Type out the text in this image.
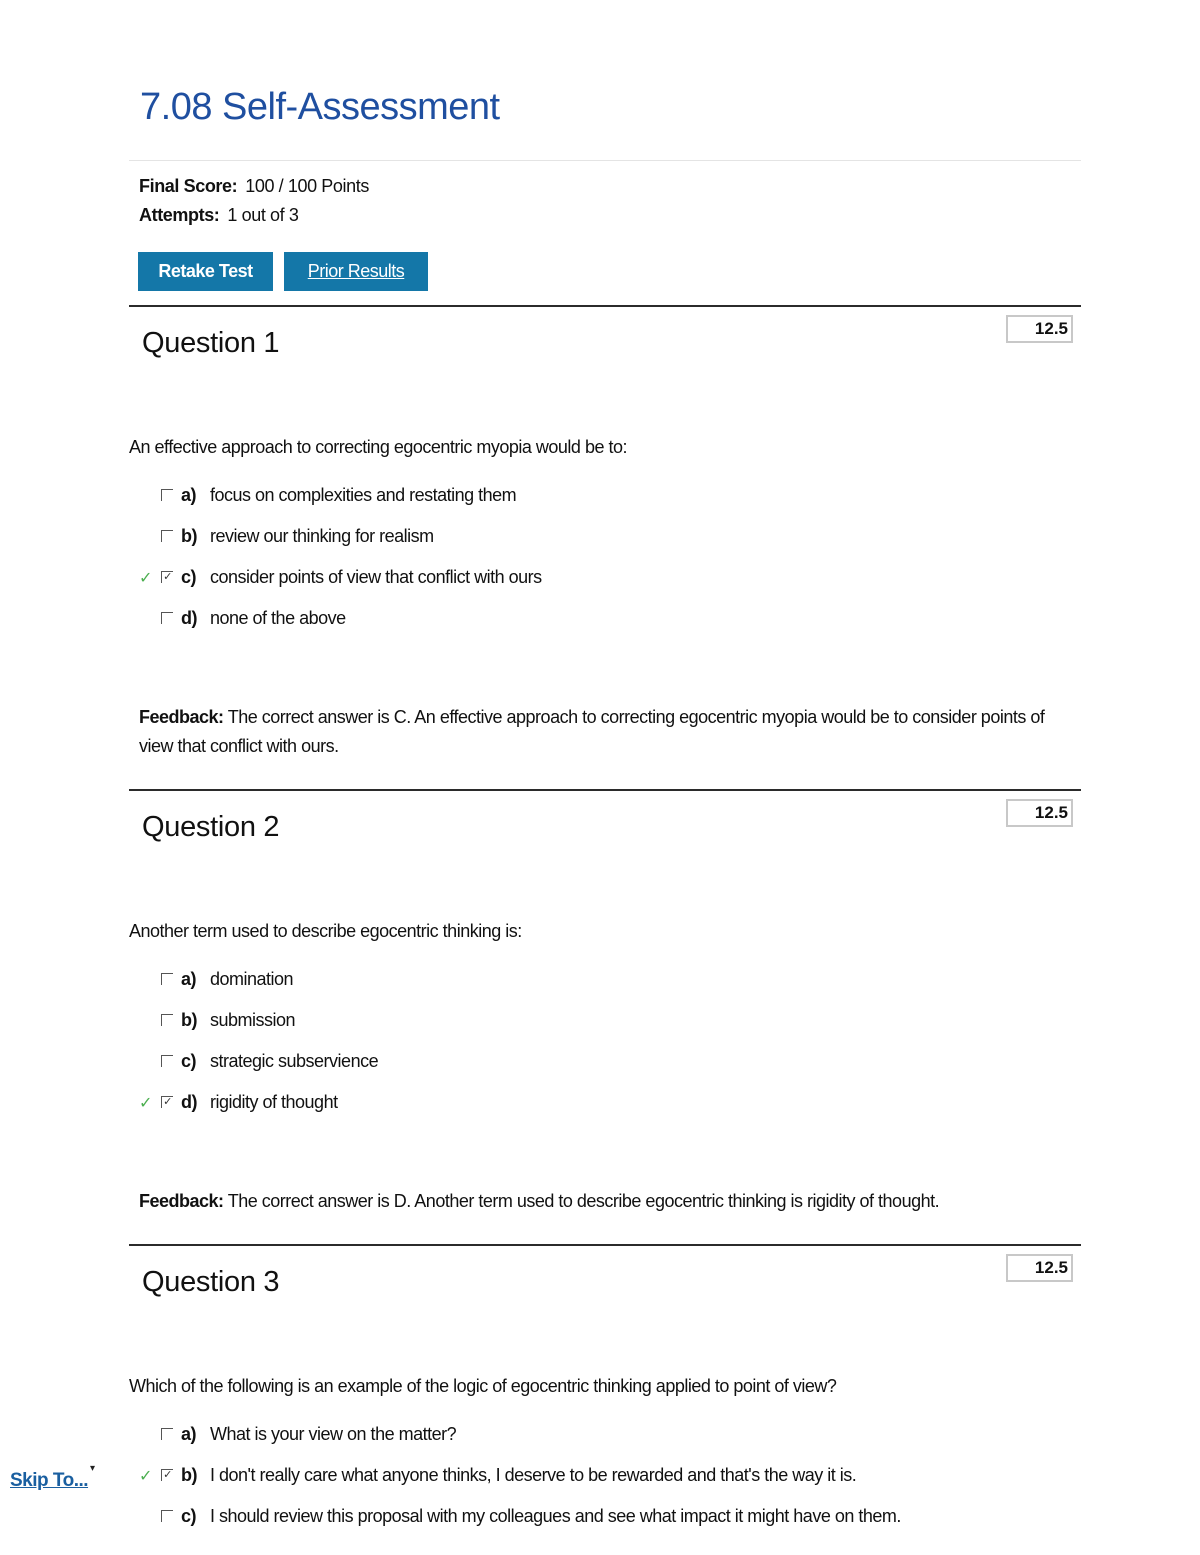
7.08 Self-Assessment
Final Score: 100 / 100 Points
Attempts: 1 out of 3
Retake Test	Prior Results
Question 1	12.5
An effective approach to correcting egocentric myopia would be to:
a) focus on complexities and restating them
b) review our thinking for realism
✓ ✓ c) consider points of view that conflict with ours
d) none of the above
Feedback: The correct answer is C. An effective approach to correcting egocentric myopia would be to consider points of view that conflict with ours.
Question 2	12.5
Another term used to describe egocentric thinking is:
a) domination
b) submission
c) strategic subservience
✓ ✓ d) rigidity of thought
Feedback: The correct answer is D. Another term used to describe egocentric thinking is rigidity of thought.
Question 3	12.5
Which of the following is an example of the logic of egocentric thinking applied to point of view?
a) What is your view on the matter?
✓ ✓ b) I don't really care what anyone thinks, I deserve to be rewarded and that's the way it is.
c) I should review this proposal with my colleagues and see what impact it might have on them.
Skip To...
▾
